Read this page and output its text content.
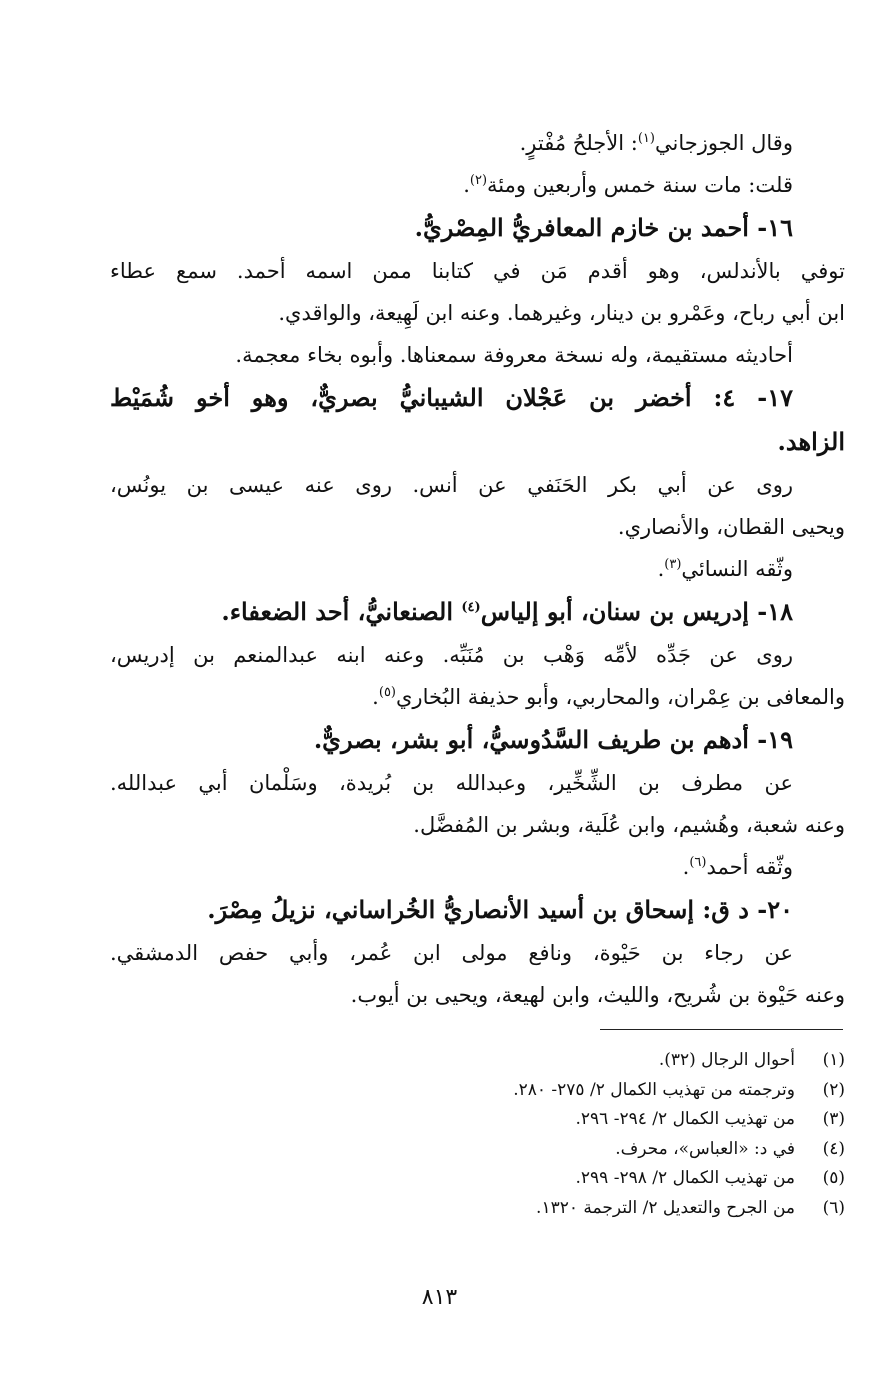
وقال الجوزجاني$^{(١)}$: الأجلحُ مُفْترٍ.
قلت: مات سنة خمس وأربعين ومئة$^{(٢)}$.
١٦- أحمد بن خازم المعافريُّ المِصْريُّ.
توفي بالأندلس، وهو أقدم مَن في كتابنا ممن اسمه أحمد. سمع عطاء
ابن أبي رباح، وعَمْرو بن دينار، وغيرهما. وعنه ابن لَهِيعة، والواقدي.
أحاديثه مستقيمة، وله نسخة معروفة سمعناها. وأبوه بخاء معجمة.
١٧- ٤: أخضر بن عَجْلان الشيبانيُّ بصريٌّ، وهو أخو شُمَيْط
الزاهد.
روى عن أبي بكر الحَنَفي عن أنس. روى عنه عيسى بن يونُس،
ويحيى القطان، والأنصاري.
وثّقه النسائي$^{(٣)}$.
١٨- إدريس بن سنان، أبو إلياس$^{(٤)}$ الصنعانيُّ، أحد الضعفاء.
روى عن جَدِّه لأمِّه وَهْب بن مُنَبِّه. وعنه ابنه عبدالمنعم بن إدريس،
والمعافى بن عِمْران، والمحاربي، وأبو حذيفة البُخاري$^{(٥)}$.
١٩- أدهم بن طريف السَّدُوسيُّ، أبو بشر، بصريٌّ.
عن مطرف بن الشِّخِّير، وعبدالله بن بُريدة، وسَلْمان أبي عبدالله.
وعنه شعبة، وهُشيم، وابن عُلَية، وبشر بن المُفضَّل.
وثّقه أحمد$^{(٦)}$.
٢٠- د ق: إسحاق بن أسيد الأنصاريُّ الخُراساني، نزيلُ مِصْرَ.
عن رجاء بن حَيْوة، ونافع مولى ابن عُمر، وأبي حفص الدمشقي.
وعنه حَيْوة بن شُريح، والليث، وابن لهيعة، ويحيى بن أيوب.
(١)أحوال الرجال (٣٢).
(٢)وترجمته من تهذيب الكمال ٢/ ٢٧٥- ٢٨٠.
(٣)من تهذيب الكمال ٢/ ٢٩٤- ٢٩٦.
(٤)في د: «العباس»، محرف.
(٥)من تهذيب الكمال ٢/ ٢٩٨- ٢٩٩.
(٦)من الجرح والتعديل ٢/ الترجمة ١٣٢٠.
٨١٣
